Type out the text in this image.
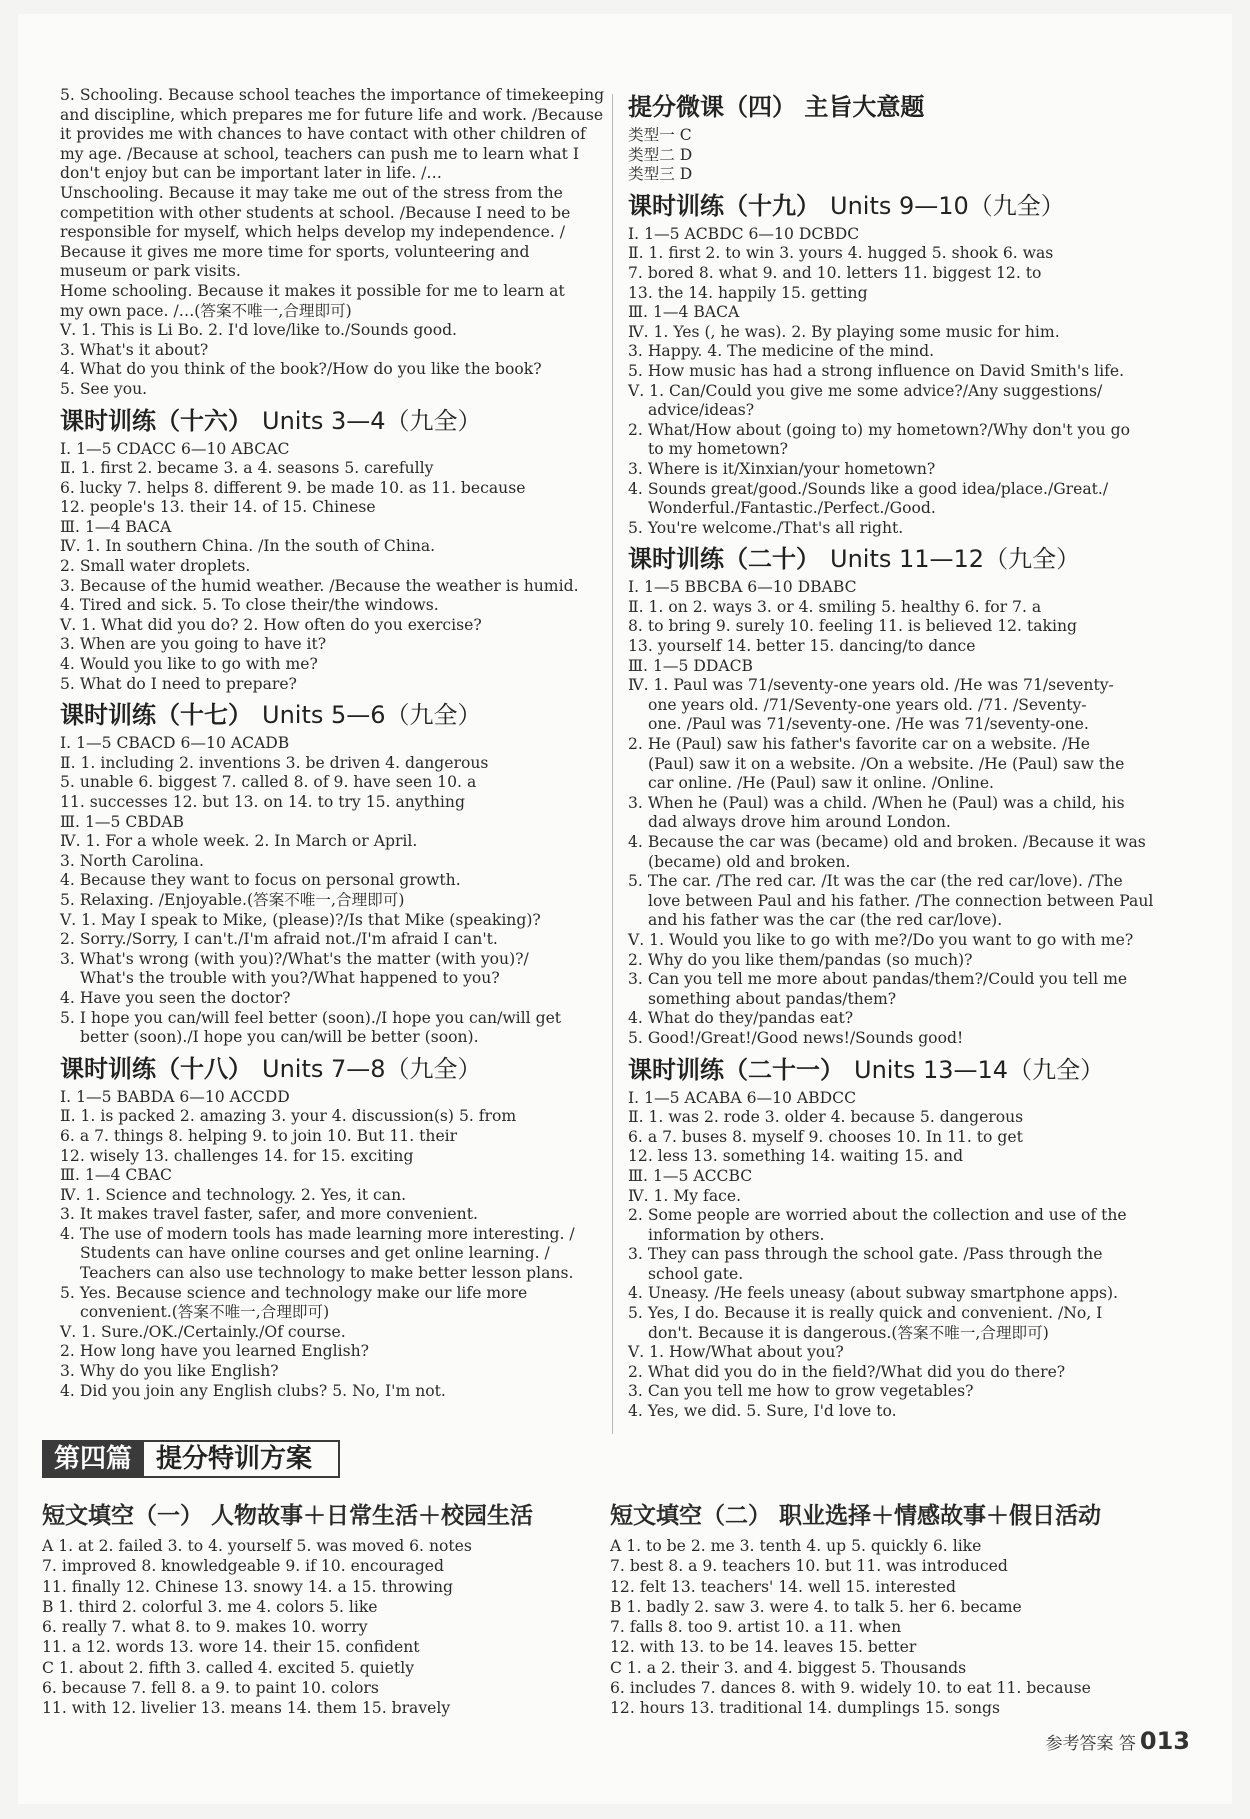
5. Schooling. Because school teaches the importance of timekeeping
and discipline, which prepares me for future life and work. /Because
it provides me with chances to have contact with other children of
my age. /Because at school, teachers can push me to learn what I
don't enjoy but can be important later in life. /…
Unschooling. Because it may take me out of the stress from the
competition with other students at school. /Because I need to be
responsible for myself, which helps develop my independence. /
Because it gives me more time for sports, volunteering and
museum or park visits.
Home schooling. Because it makes it possible for me to learn at
my own pace. /…(答案不唯一,合理即可)
Ⅴ. 1. This is Li Bo. 2. I'd love/like to./Sounds good.
3. What's it about?
4. What do you think of the book?/How do you like the book?
5. See you.
课时训练（十六） Units 3—4（九全）
Ⅰ. 1—5 CDACC 6—10 ABCAC
Ⅱ. 1. first 2. became 3. a 4. seasons 5. carefully
6. lucky 7. helps 8. different 9. be made 10. as 11. because
12. people's 13. their 14. of 15. Chinese
Ⅲ. 1—4 BACA
Ⅳ. 1. In southern China. /In the south of China.
2. Small water droplets.
3. Because of the humid weather. /Because the weather is humid.
4. Tired and sick. 5. To close their/the windows.
Ⅴ. 1. What did you do? 2. How often do you exercise?
3. When are you going to have it?
4. Would you like to go with me?
5. What do I need to prepare?
课时训练（十七） Units 5—6（九全）
Ⅰ. 1—5 CBACD 6—10 ACADB
Ⅱ. 1. including 2. inventions 3. be driven 4. dangerous
5. unable 6. biggest 7. called 8. of 9. have seen 10. a
11. successes 12. but 13. on 14. to try 15. anything
Ⅲ. 1—5 CBDAB
Ⅳ. 1. For a whole week. 2. In March or April.
3. North Carolina.
4. Because they want to focus on personal growth.
5. Relaxing. /Enjoyable.(答案不唯一,合理即可)
Ⅴ. 1. May I speak to Mike, (please)?/Is that Mike (speaking)?
2. Sorry./Sorry, I can't./I'm afraid not./I'm afraid I can't.
3. What's wrong (with you)?/What's the matter (with you)?/
What's the trouble with you?/What happened to you?
4. Have you seen the doctor?
5. I hope you can/will feel better (soon)./I hope you can/will get
better (soon)./I hope you can/will be better (soon).
课时训练（十八） Units 7—8（九全）
Ⅰ. 1—5 BABDA 6—10 ACCDD
Ⅱ. 1. is packed 2. amazing 3. your 4. discussion(s) 5. from
6. a 7. things 8. helping 9. to join 10. But 11. their
12. wisely 13. challenges 14. for 15. exciting
Ⅲ. 1—4 CBAC
Ⅳ. 1. Science and technology. 2. Yes, it can.
3. It makes travel faster, safer, and more convenient.
4. The use of modern tools has made learning more interesting. /
Students can have online courses and get online learning. /
Teachers can also use technology to make better lesson plans.
5. Yes. Because science and technology make our life more
convenient.(答案不唯一,合理即可)
Ⅴ. 1. Sure./OK./Certainly./Of course.
2. How long have you learned English?
3. Why do you like English?
4. Did you join any English clubs? 5. No, I'm not.
提分微课（四） 主旨大意题
类型一 C
类型二 D
类型三 D
课时训练（十九） Units 9—10（九全）
Ⅰ. 1—5 ACBDC 6—10 DCBDC
Ⅱ. 1. first 2. to win 3. yours 4. hugged 5. shook 6. was
7. bored 8. what 9. and 10. letters 11. biggest 12. to
13. the 14. happily 15. getting
Ⅲ. 1—4 BACA
Ⅳ. 1. Yes (, he was). 2. By playing some music for him.
3. Happy. 4. The medicine of the mind.
5. How music has had a strong influence on David Smith's life.
Ⅴ. 1. Can/Could you give me some advice?/Any suggestions/
advice/ideas?
2. What/How about (going to) my hometown?/Why don't you go
to my hometown?
3. Where is it/Xinxian/your hometown?
4. Sounds great/good./Sounds like a good idea/place./Great./
Wonderful./Fantastic./Perfect./Good.
5. You're welcome./That's all right.
课时训练（二十） Units 11—12（九全）
Ⅰ. 1—5 BBCBA 6—10 DBABC
Ⅱ. 1. on 2. ways 3. or 4. smiling 5. healthy 6. for 7. a
8. to bring 9. surely 10. feeling 11. is believed 12. taking
13. yourself 14. better 15. dancing/to dance
Ⅲ. 1—5 DDACB
Ⅳ. 1. Paul was 71/seventy-one years old. /He was 71/seventy-
one years old. /71/Seventy-one years old. /71. /Seventy-
one. /Paul was 71/seventy-one. /He was 71/seventy-one.
2. He (Paul) saw his father's favorite car on a website. /He
(Paul) saw it on a website. /On a website. /He (Paul) saw the
car online. /He (Paul) saw it online. /Online.
3. When he (Paul) was a child. /When he (Paul) was a child, his
dad always drove him around London.
4. Because the car was (became) old and broken. /Because it was
(became) old and broken.
5. The car. /The red car. /It was the car (the red car/love). /The
love between Paul and his father. /The connection between Paul
and his father was the car (the red car/love).
Ⅴ. 1. Would you like to go with me?/Do you want to go with me?
2. Why do you like them/pandas (so much)?
3. Can you tell me more about pandas/them?/Could you tell me
something about pandas/them?
4. What do they/pandas eat?
5. Good!/Great!/Good news!/Sounds good!
课时训练（二十一） Units 13—14（九全）
Ⅰ. 1—5 ACABA 6—10 ABDCC
Ⅱ. 1. was 2. rode 3. older 4. because 5. dangerous
6. a 7. buses 8. myself 9. chooses 10. In 11. to get
12. less 13. something 14. waiting 15. and
Ⅲ. 1—5 ACCBC
Ⅳ. 1. My face.
2. Some people are worried about the collection and use of the
information by others.
3. They can pass through the school gate. /Pass through the
school gate.
4. Uneasy. /He feels uneasy (about subway smartphone apps).
5. Yes, I do. Because it is really quick and convenient. /No, I
don't. Because it is dangerous.(答案不唯一,合理即可)
Ⅴ. 1. How/What about you?
2. What did you do in the field?/What did you do there?
3. Can you tell me how to grow vegetables?
4. Yes, we did. 5. Sure, I'd love to.
第四篇 提分特训方案
短文填空（一） 人物故事＋日常生活＋校园生活
A 1. at 2. failed 3. to 4. yourself 5. was moved 6. notes
7. improved 8. knowledgeable 9. if 10. encouraged
11. finally 12. Chinese 13. snowy 14. a 15. throwing
B 1. third 2. colorful 3. me 4. colors 5. like
6. really 7. what 8. to 9. makes 10. worry
11. a 12. words 13. wore 14. their 15. confident
C 1. about 2. fifth 3. called 4. excited 5. quietly
6. because 7. fell 8. a 9. to paint 10. colors
11. with 12. livelier 13. means 14. them 15. bravely
短文填空（二） 职业选择＋情感故事＋假日活动
A 1. to be 2. me 3. tenth 4. up 5. quickly 6. like
7. best 8. a 9. teachers 10. but 11. was introduced
12. felt 13. teachers' 14. well 15. interested
B 1. badly 2. saw 3. were 4. to talk 5. her 6. became
7. falls 8. too 9. artist 10. a 11. when
12. with 13. to be 14. leaves 15. better
C 1. a 2. their 3. and 4. biggest 5. Thousands
6. includes 7. dances 8. with 9. widely 10. to eat 11. because
12. hours 13. traditional 14. dumplings 15. songs
参考答案 答 013
